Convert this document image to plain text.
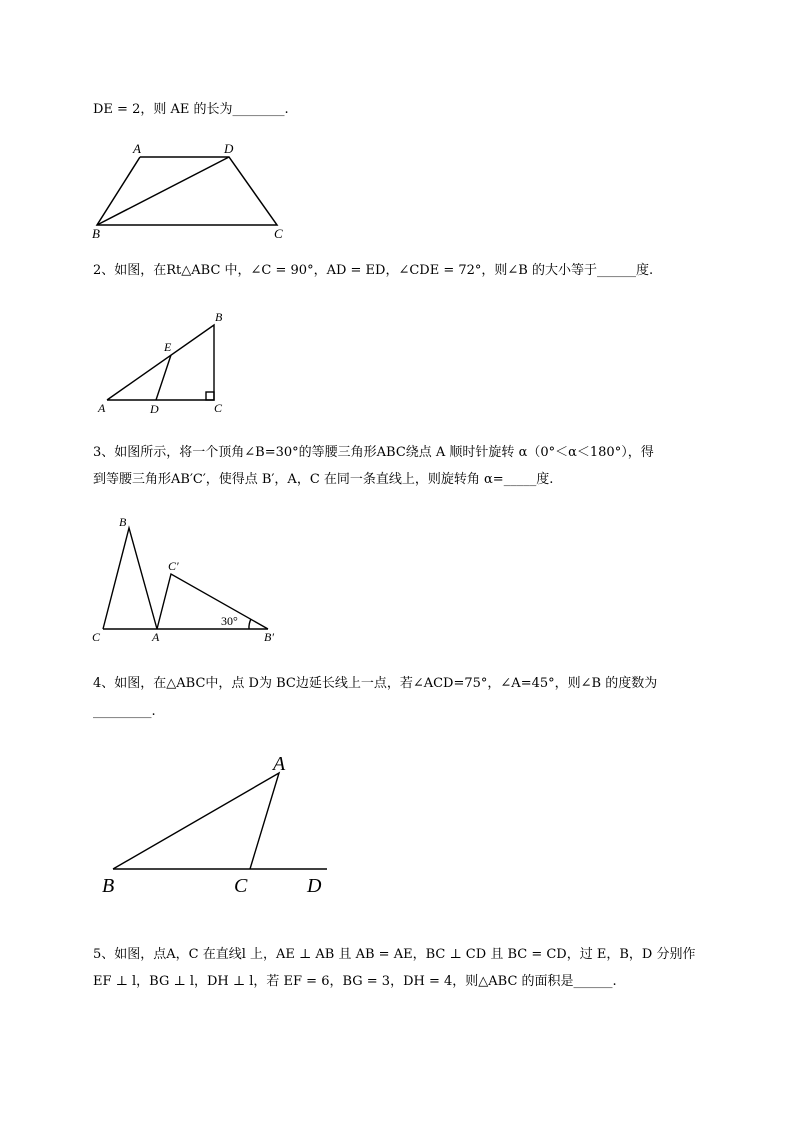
DE = 2，则 AE 的长为________.
A	D
B	C
B
E
A	D	C
B
C′
C	A	B′
30°
A
B	C	D
2、如图，在Rt△ABC 中，∠C = 90°，AD = ED，∠CDE = 72°，则∠B 的大小等于______度.
3、如图所示，将一个顶角∠B=30°的等腰三角形ABC绕点 A 顺时针旋转 α（0°＜α＜180°），得
到等腰三角形AB′C′，使得点 B′，A，C 在同一条直线上，则旋转角 α=_____度.
4、如图，在△ABC中，点 D为 BC边延长线上一点，若∠ACD=75°，∠A=45°，则∠B 的度数为
_________.
5、如图，点A，C 在直线l 上，AE ⊥ AB 且 AB = AE，BC ⊥ CD 且 BC = CD，过 E，B，D 分别作
EF ⊥ l，BG ⊥ l，DH ⊥ l，若 EF = 6，BG = 3，DH = 4，则△ABC 的面积是______.
